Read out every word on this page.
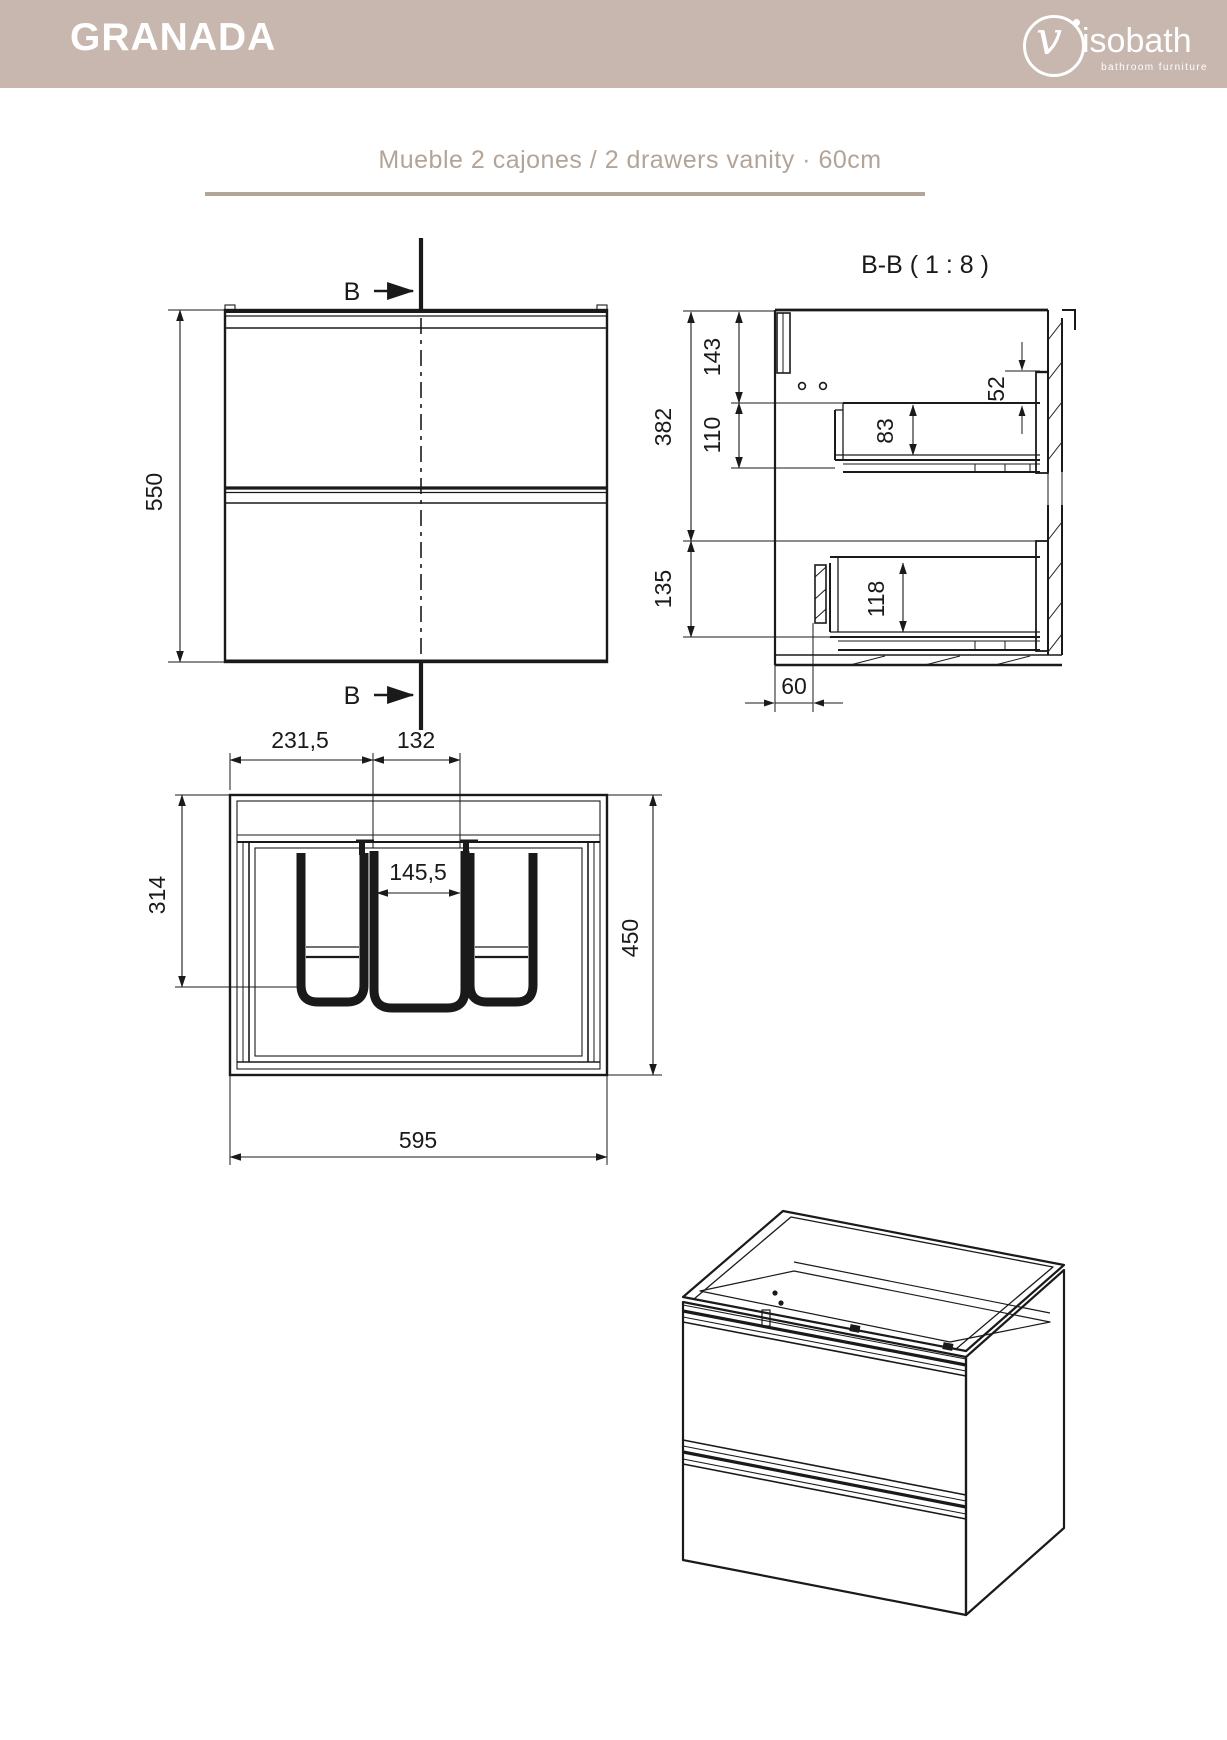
GRANADA	v isobath
bathroom furniture
Mueble 2 cajones / 2 drawers vanity · 60cm
B
B
550
B-B ( 1 : 8 )
143
110
382
135
83
118
52
60
231,5	132
145,5
314
450
595
